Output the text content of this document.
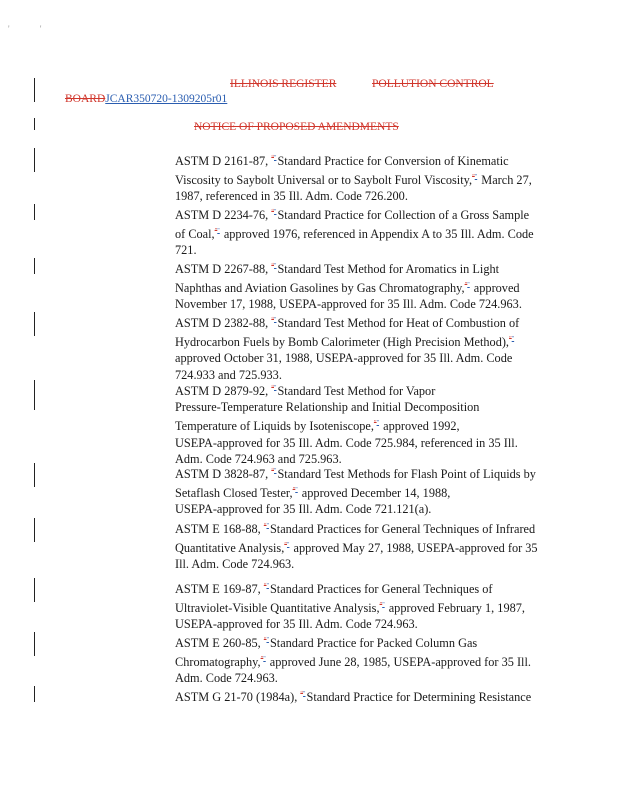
' '
ILLINOIS REGISTER	POLLUTION CONTROL
BOARDJCAR350720-1309205r01
NOTICE OF PROPOSED AMENDMENTS
ASTM D 2161-87, “"Standard Practice for Conversion of Kinematic
Viscosity to Saybolt Universal or to Saybolt Furol Viscosity,”" March 27,
1987, referenced in 35 Ill. Adm. Code 726.200.
ASTM D 2234-76, “"Standard Practice for Collection of a Gross Sample
of Coal,”" approved 1976, referenced in Appendix A to 35 Ill. Adm. Code
721.
ASTM D 2267-88, “"Standard Test Method for Aromatics in Light
Naphthas and Aviation Gasolines by Gas Chromatography,”" approved
November 17, 1988, USEPA-approved for 35 Ill. Adm. Code 724.963.
ASTM D 2382-88, “"Standard Test Method for Heat of Combustion of
Hydrocarbon Fuels by Bomb Calorimeter (High Precision Method),”"
approved October 31, 1988, USEPA-approved for 35 Ill. Adm. Code
724.933 and 725.933.
ASTM D 2879-92, “"Standard Test Method for Vapor
Pressure-Temperature Relationship and Initial Decomposition
Temperature of Liquids by Isoteniscope,”" approved 1992,
USEPA-approved for 35 Ill. Adm. Code 725.984, referenced in 35 Ill.
Adm. Code 724.963 and 725.963.
ASTM D 3828-87, “"Standard Test Methods for Flash Point of Liquids by
Setaflash Closed Tester,”" approved December 14, 1988,
USEPA-approved for 35 Ill. Adm. Code 721.121(a).
ASTM E 168-88, “"Standard Practices for General Techniques of Infrared
Quantitative Analysis,”" approved May 27, 1988, USEPA-approved for 35
Ill. Adm. Code 724.963.
ASTM E 169-87, “"Standard Practices for General Techniques of
Ultraviolet-Visible Quantitative Analysis,”" approved February 1, 1987,
USEPA-approved for 35 Ill. Adm. Code 724.963.
ASTM E 260-85, “"Standard Practice for Packed Column Gas
Chromatography,”" approved June 28, 1985, USEPA-approved for 35 Ill.
Adm. Code 724.963.
ASTM G 21-70 (1984a), “"Standard Practice for Determining Resistance
